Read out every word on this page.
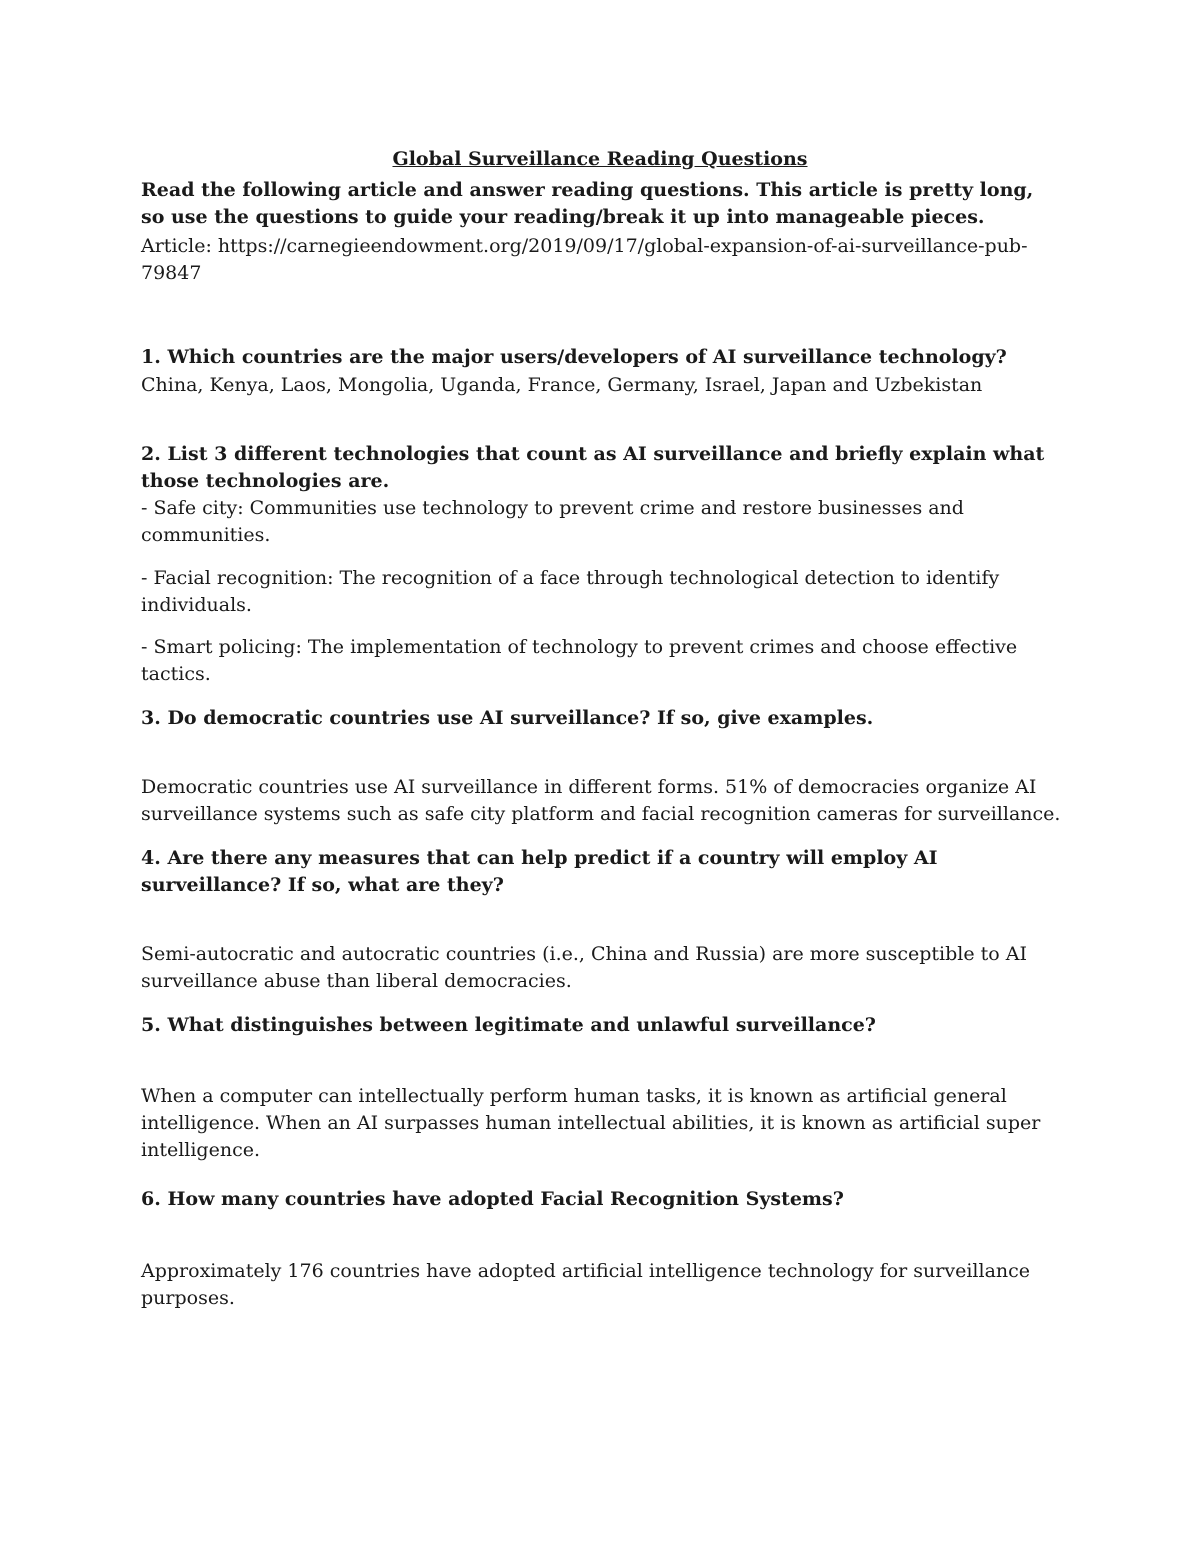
Global Surveillance Reading Questions

Read the following article and answer reading questions. This article is pretty long, so use the questions to guide your reading/break it up into manageable pieces.

Article: https://carnegieendowment.org/2019/09/17/global-expansion-of-ai-surveillance-pub-79847

1. Which countries are the major users/developers of AI surveillance technology?

China, Kenya, Laos, Mongolia, Uganda, France, Germany, Israel, Japan and Uzbekistan

2. List 3 different technologies that count as AI surveillance and briefly explain what those technologies are.

- Safe city: Communities use technology to prevent crime and restore businesses and communities.

- Facial recognition: The recognition of a face through technological detection to identify individuals.

- Smart policing: The implementation of technology to prevent crimes and choose effective tactics.

3. Do democratic countries use AI surveillance? If so, give examples.

Democratic countries use AI surveillance in different forms. 51% of democracies organize AI surveillance systems such as safe city platform and facial recognition cameras for surveillance.

4. Are there any measures that can help predict if a country will employ AI surveillance? If so, what are they?

Semi-autocratic and autocratic countries (i.e., China and Russia) are more susceptible to AI surveillance abuse than liberal democracies.

5. What distinguishes between legitimate and unlawful surveillance?

When a computer can intellectually perform human tasks, it is known as artificial general intelligence. When an AI surpasses human intellectual abilities, it is known as artificial super intelligence.

6. How many countries have adopted Facial Recognition Systems?

Approximately 176 countries have adopted artificial intelligence technology for surveillance purposes.
